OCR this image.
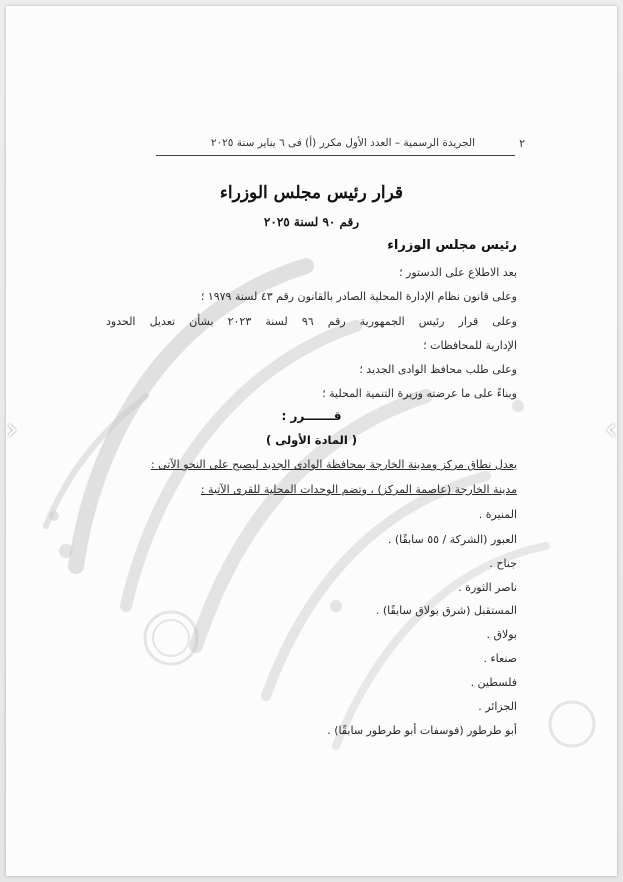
٢
الجريدة الرسمية – العدد الأول مكرر (أ) فى ٦ يناير سنة ٢٠٢٥
قرار رئيس مجلس الوزراء
رقم ٩٠ لسنة ٢٠٢٥
رئيس مجلس الوزراء
بعد الاطلاع على الدستور ؛
وعلى قانون نظام الإدارة المحلية الصادر بالقانون رقم ٤٣ لسنة ١٩٧٩ ؛
وعلى قرار رئيس الجمهورية رقم ٩٦ لسنة ٢٠٢٣ بشأن تعديل الحدود
الإدارية للمحافظات ؛
وعلى طلب محافظ الوادى الجديد ؛
وبناءً على ما عرضته وزيرة التنمية المحلية ؛
قـــــــرر :
( المادة الأولى )
يعدل نطاق مركز ومدينة الخارجة بمحافظة الوادى الجديد ليصبح على النحو الآتى :
مدينة الخارجة (عاصمة المركز) ، وتضم الوحدات المحلية للقرى الآتية :
المنيرة .
العبور (الشركة / ٥٥ سابقًا) .
جناح .
ناصر الثورة .
المستقبل (شرق بولاق سابقًا) .
بولاق .
صنعاء .
فلسطين .
الجزائر .
أبو طرطور (فوسفات أبو طرطور سابقًا) .
‹	›
